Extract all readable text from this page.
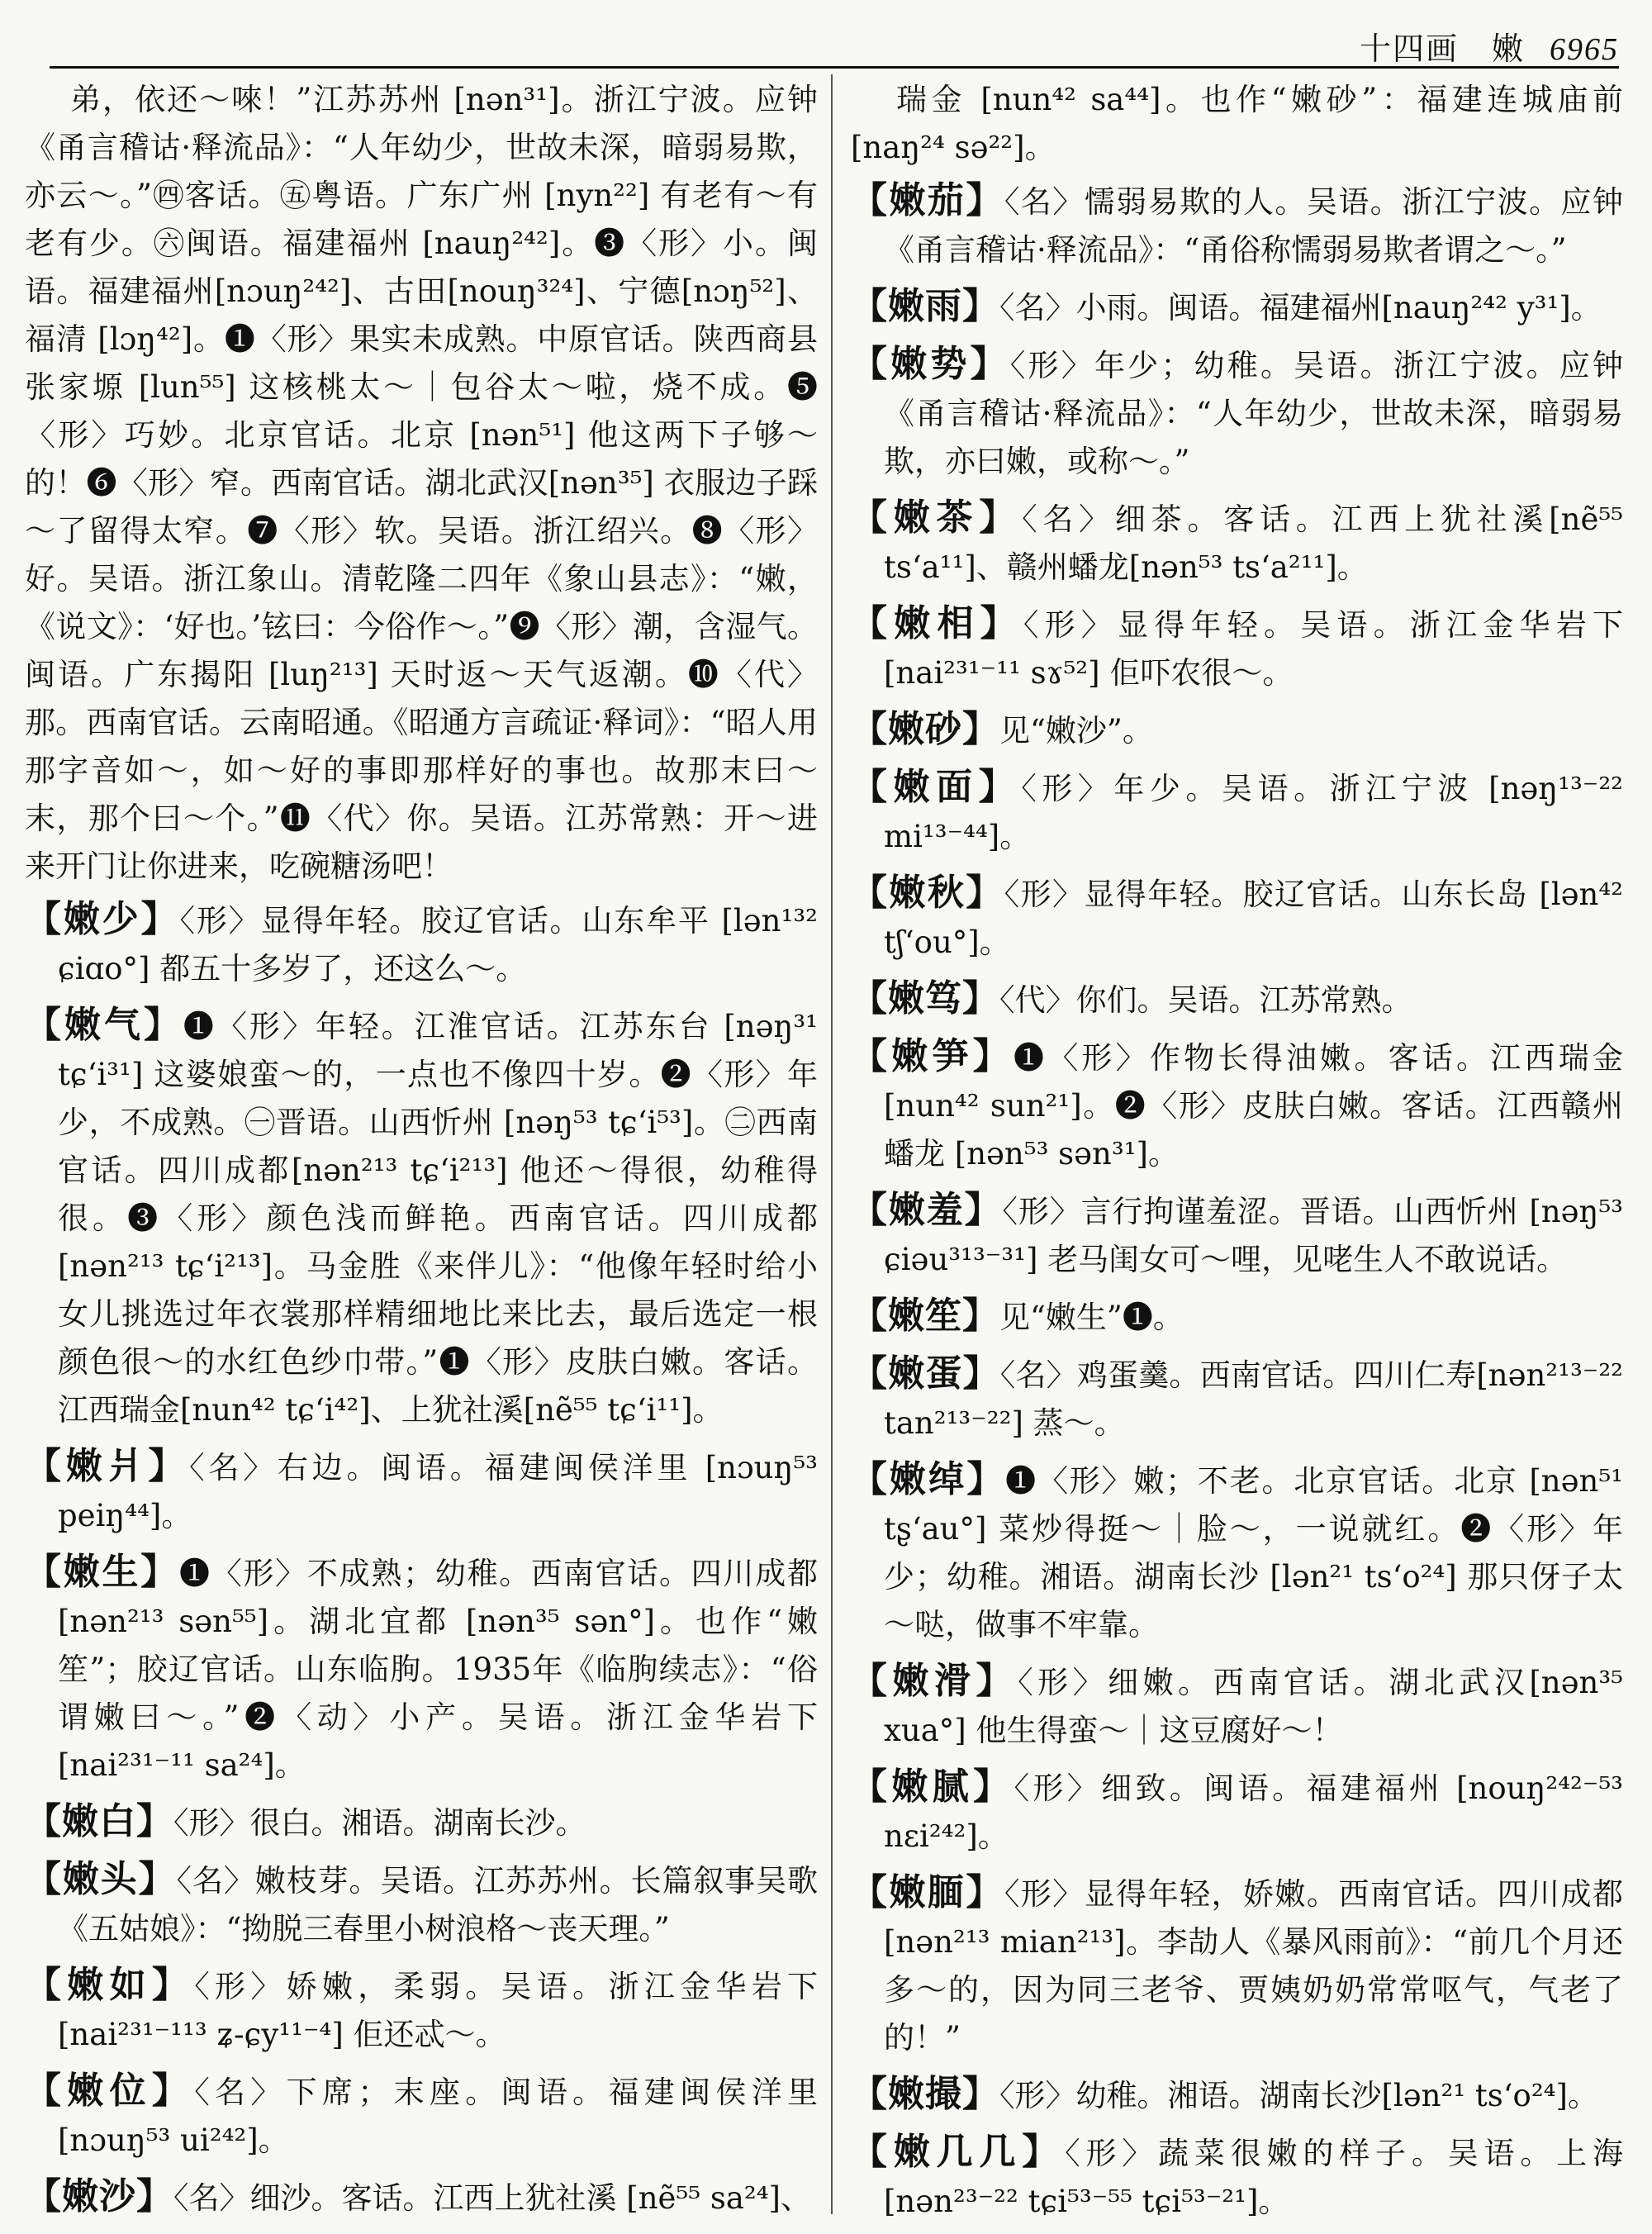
十四画　嫩 6965

弟，依还～唻！”江苏苏州 [nən³¹]。浙江宁波。应钟《甬言稽诂·释流品》：“人年幼少，世故未深，暗弱易欺，亦云～。”㊃客话。㊄粤语。广东广州 [nyn²²] 有老有～有老有少。㊅闽语。福建福州 [nauŋ²⁴²]。❸〈形〉小。闽语。福建福州[nɔuŋ²⁴²]、古田[nouŋ³²⁴]、宁德[nɔŋ⁵²]、福清 [lɔŋ⁴²]。❶〈形〉果实未成熟。中原官话。陕西商县张家塬 [lun⁵⁵] 这核桃太～｜包谷太～啦，烧不成。❺〈形〉巧妙。北京官话。北京 [nən⁵¹] 他这两下子够～的！❻〈形〉窄。西南官话。湖北武汉[nən³⁵] 衣服边子踩～了留得太窄。❼〈形〉软。吴语。浙江绍兴。❽〈形〉好。吴语。浙江象山。清乾隆二四年《象山县志》：“嫩，《说文》：‘好也。’铉曰：今俗作～。”❾〈形〉潮，含湿气。闽语。广东揭阳 [luŋ²¹³] 天时返～天气返潮。❿〈代〉那。西南官话。云南昭通。《昭通方言疏证·释词》：“昭人用那字音如～，如～好的事即那样好的事也。故那末曰～末，那个曰～个。”⓫〈代〉你。吴语。江苏常熟：开～进来开门让你进来，吃碗糖汤吧！

【嫩少】〈形〉显得年轻。胶辽官话。山东牟平 [lən¹³² ɕiɑo°] 都五十多岁了，还这么～。

【嫩气】❶〈形〉年轻。江淮官话。江苏东台 [nəŋ³¹ tɕ‘i³¹] 这婆娘蛮～的，一点也不像四十岁。❷〈形〉年少，不成熟。㊀晋语。山西忻州 [nəŋ⁵³ tɕ‘i⁵³]。㊁西南官话。四川成都[nən²¹³ tɕ‘i²¹³] 他还～得很，幼稚得很。❸〈形〉颜色浅而鲜艳。西南官话。四川成都 [nən²¹³ tɕ‘i²¹³]。马金胜《来伴儿》：“他像年轻时给小女儿挑选过年衣裳那样精细地比来比去，最后选定一根颜色很～的水红色纱巾带。”❶〈形〉皮肤白嫩。客话。江西瑞金[nun⁴² tɕ‘i⁴²]、上犹社溪[nẽ⁵⁵ tɕ‘i¹¹]。

【嫩爿】〈名〉右边。闽语。福建闽侯洋里 [nɔuŋ⁵³ peiŋ⁴⁴]。

【嫩生】❶〈形〉不成熟；幼稚。西南官话。四川成都[nən²¹³ sən⁵⁵]。湖北宜都 [nən³⁵ sən°]。也作“嫩笙”；胶辽官话。山东临朐。1935年《临朐续志》：“俗谓嫩曰～。”❷〈动〉小产。吴语。浙江金华岩下[nai²³¹⁻¹¹ sa²⁴]。

【嫩白】〈形〉很白。湘语。湖南长沙。

【嫩头】〈名〉嫩枝芽。吴语。江苏苏州。长篇叙事吴歌《五姑娘》：“拗脱三春里小树浪格～丧天理。”

【嫩如】〈形〉娇嫩，柔弱。吴语。浙江金华岩下[nai²³¹⁻¹¹³ ʑ-ɕy¹¹⁻⁴] 佢还忒～。

【嫩位】〈名〉下席；末座。闽语。福建闽侯洋里[nɔuŋ⁵³ ui²⁴²]。

【嫩沙】〈名〉细沙。客话。江西上犹社溪 [nẽ⁵⁵ sa²⁴]、

瑞金 [nun⁴² sa⁴⁴]。也作“嫩砂”：福建连城庙前 [naŋ²⁴ sə²²]。

【嫩茄】〈名〉懦弱易欺的人。吴语。浙江宁波。应钟《甬言稽诂·释流品》：“甬俗称懦弱易欺者谓之～。”

【嫩雨】〈名〉小雨。闽语。福建福州[nauŋ²⁴² y³¹]。

【嫩势】〈形〉年少；幼稚。吴语。浙江宁波。应钟《甬言稽诂·释流品》：“人年幼少，世故未深，暗弱易欺，亦曰嫩，或称～。”

【嫩茶】〈名〉细茶。客话。江西上犹社溪[nẽ⁵⁵ ts‘a¹¹]、赣州蟠龙[nən⁵³ ts‘a²¹¹]。

【嫩相】〈形〉显得年轻。吴语。浙江金华岩下[nai²³¹⁻¹¹ sɤ⁵²] 佢吓农很～。

【嫩砂】见“嫩沙”。

【嫩面】〈形〉年少。吴语。浙江宁波 [nəŋ¹³⁻²² mi¹³⁻⁴⁴]。

【嫩秋】〈形〉显得年轻。胶辽官话。山东长岛 [lən⁴² tʃ‘ou°]。

【嫩笃】〈代〉你们。吴语。江苏常熟。

【嫩笋】❶〈形〉作物长得油嫩。客话。江西瑞金 [nun⁴² sun²¹]。❷〈形〉皮肤白嫩。客话。江西赣州蟠龙 [nən⁵³ sən³¹]。

【嫩羞】〈形〉言行拘谨羞涩。晋语。山西忻州 [nəŋ⁵³ ɕiəu³¹³⁻³¹] 老马闺女可～哩，见咾生人不敢说话。

【嫩笙】见“嫩生”❶。

【嫩蛋】〈名〉鸡蛋羹。西南官话。四川仁寿[nən²¹³⁻²² tan²¹³⁻²²] 蒸～。

【嫩绰】❶〈形〉嫩；不老。北京官话。北京 [nən⁵¹ tʂ‘au°] 菜炒得挺～｜脸～，一说就红。❷〈形〉年少；幼稚。湘语。湖南长沙 [lən²¹ ts‘o²⁴] 那只伢子太～哒，做事不牢靠。

【嫩滑】〈形〉细嫩。西南官话。湖北武汉[nən³⁵ xua°] 他生得蛮～｜这豆腐好～！

【嫩腻】〈形〉细致。闽语。福建福州 [nouŋ²⁴²⁻⁵³ nɛi²⁴²]。

【嫩腼】〈形〉显得年轻，娇嫩。西南官话。四川成都[nən²¹³ mian²¹³]。李劼人《暴风雨前》：“前几个月还多～的，因为同三老爷、贾姨奶奶常常呕气，气老了的！”

【嫩撮】〈形〉幼稚。湘语。湖南长沙[lən²¹ ts‘o²⁴]。

【嫩几几】〈形〉蔬菜很嫩的样子。吴语。上海[nən²³⁻²² tɕi⁵³⁻⁵⁵ tɕi⁵³⁻²¹]。
